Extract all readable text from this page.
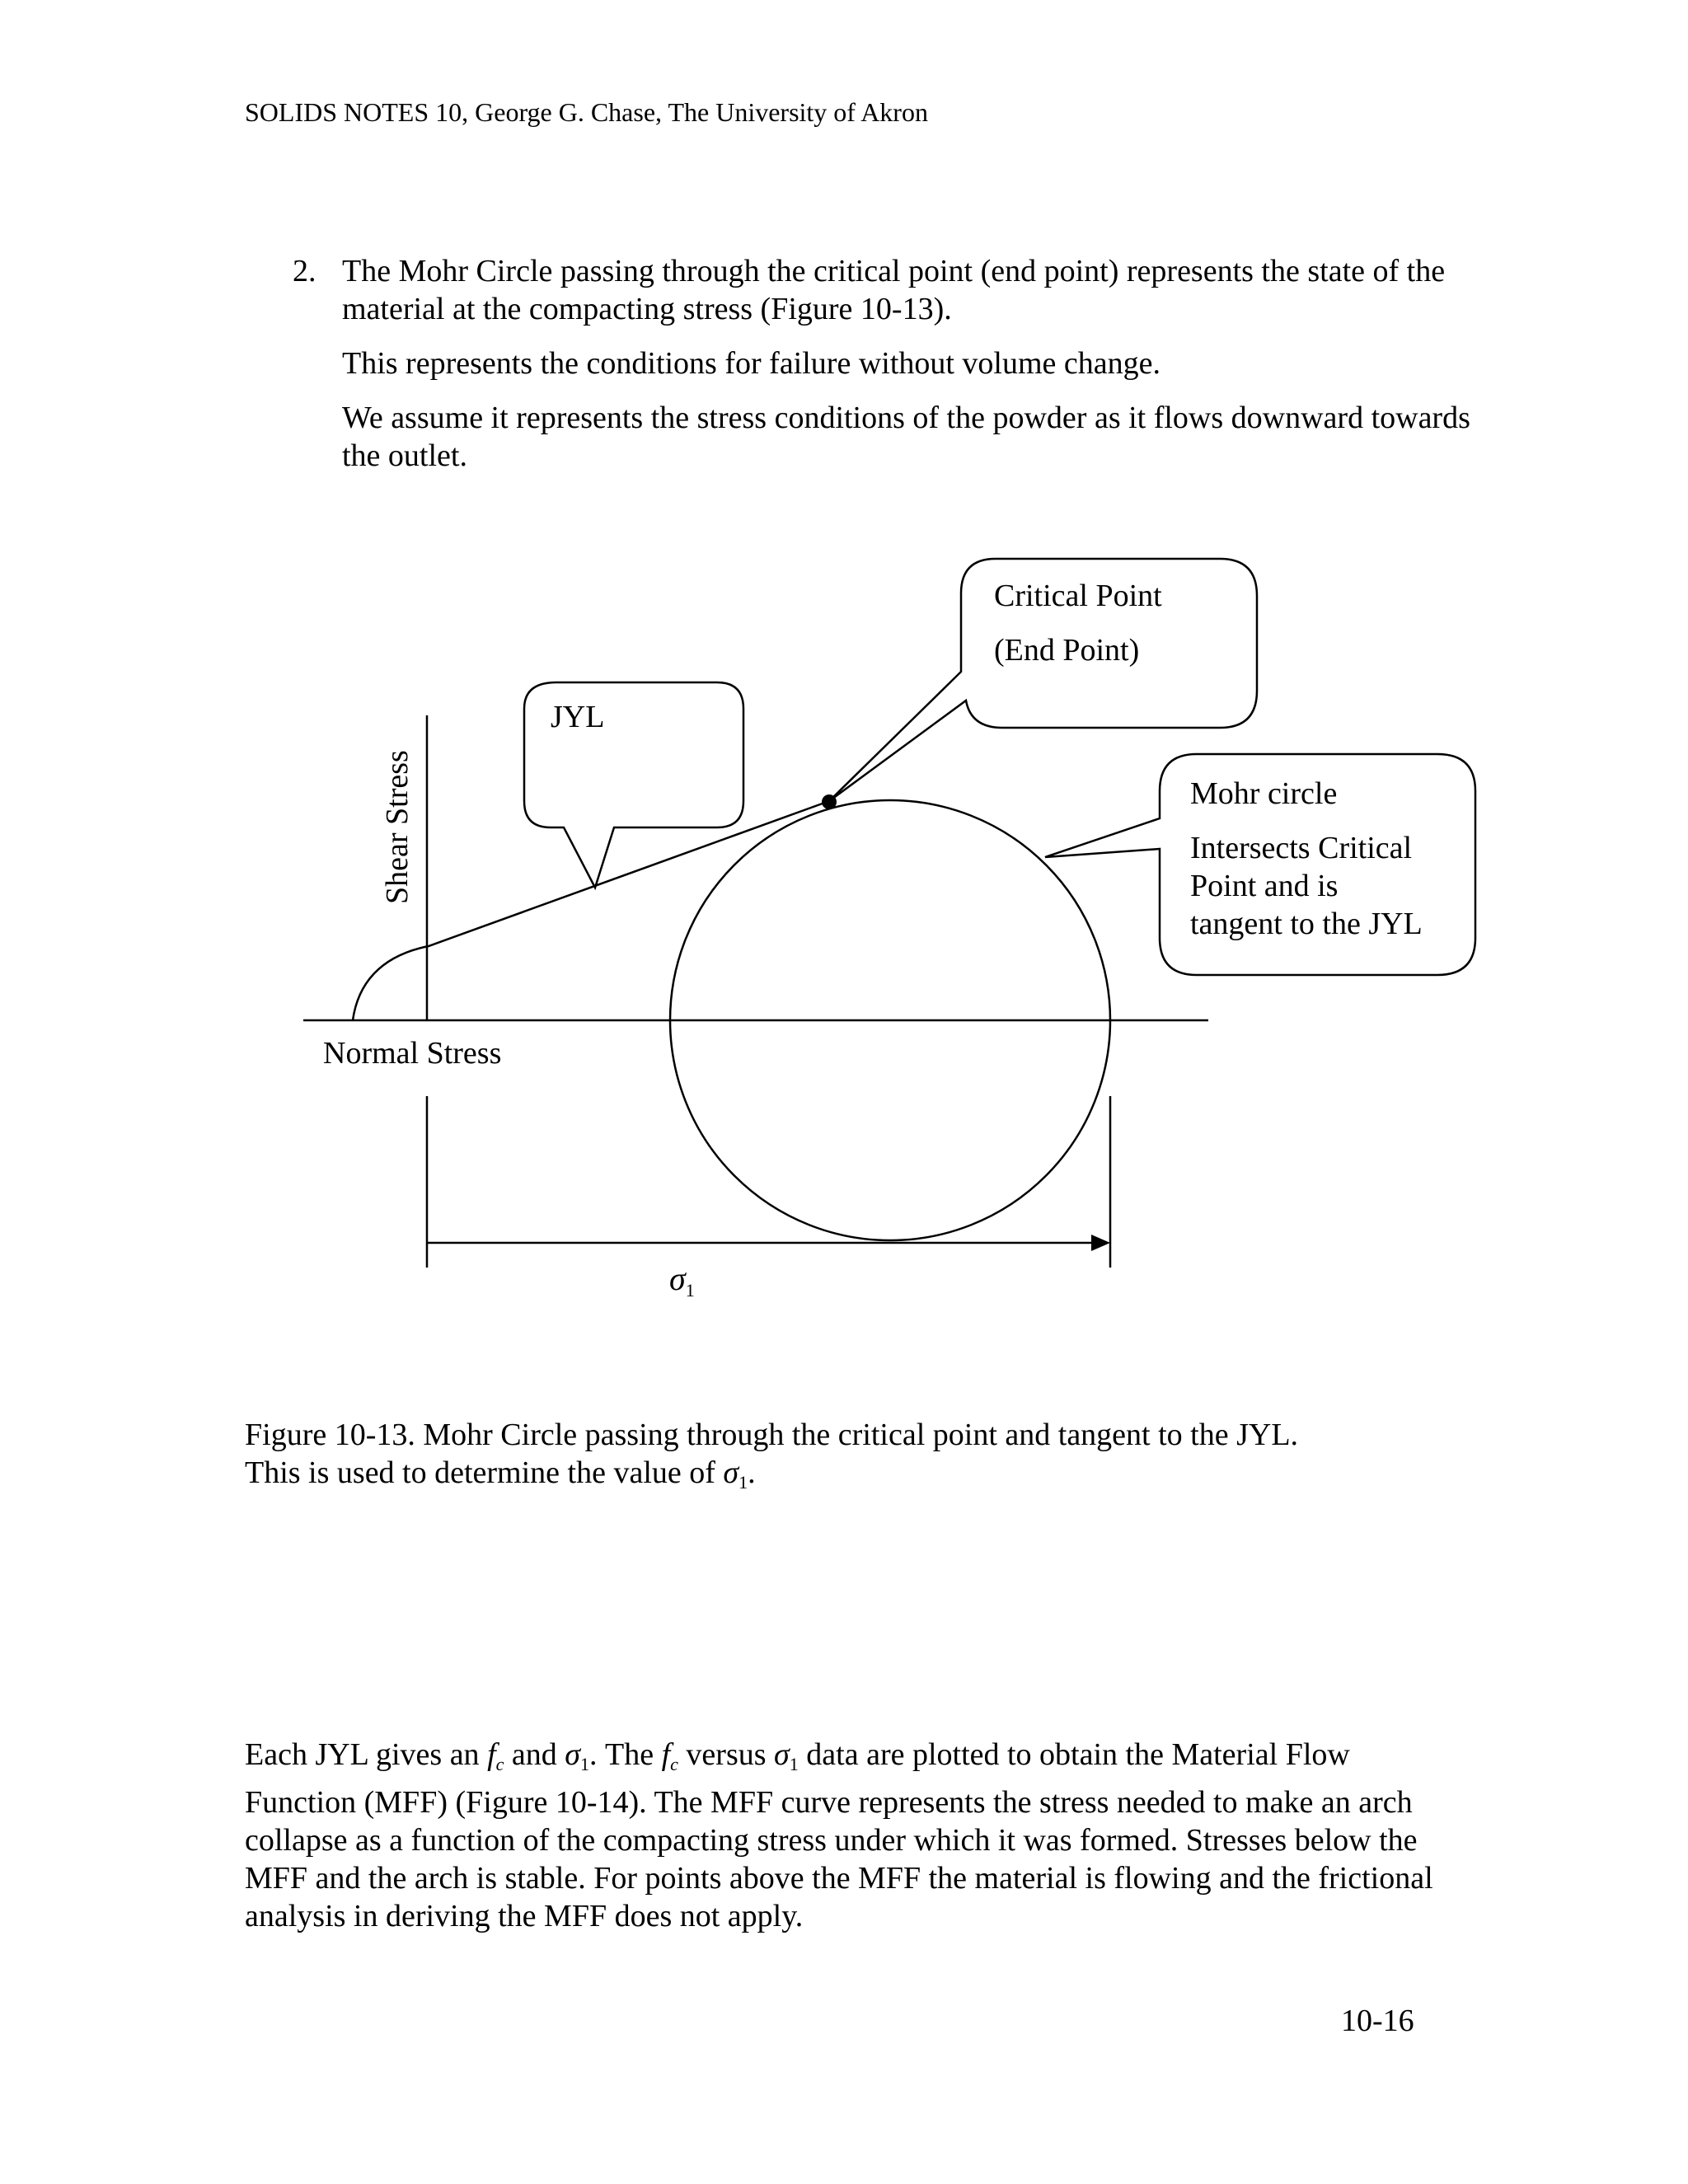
SOLIDS NOTES 10, George G. Chase, The University of Akron
2. The Mohr Circle passing through the critical point (end point) represents the state of the material at the compacting stress (Figure 10-13).

This represents the conditions for failure without volume change.

We assume it represents the stress conditions of the powder as it flows downward towards the outlet.

Critical Point
(End Point)
JYL
Mohr circle
Intersects Critical
Point and is
tangent to the JYL
Normal Stress
Shear Stress
$\sigma_1$

Figure 10-13. Mohr Circle passing through the critical point and tangent to the JYL.

This is used to determine the value of $\sigma_1$.

Each JYL gives an fc and $\sigma_1$. The fc versus $\sigma_1$ data are plotted to obtain the Material Flow Function (MFF) (Figure 10-14). The MFF curve represents the stress needed to make an arch collapse as a function of the compacting stress under which it was formed. Stresses below the MFF and the arch is stable. For points above the MFF the material is flowing and the frictional analysis in deriving the MFF does not apply.

10-16
